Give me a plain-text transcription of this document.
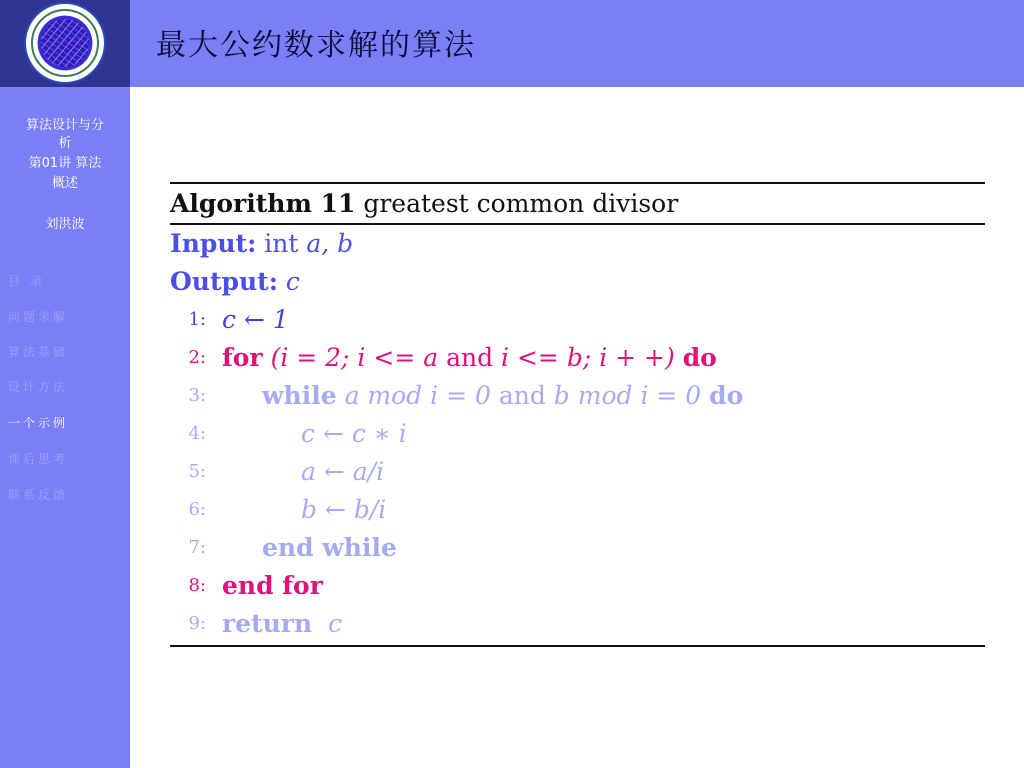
算法设计与分
析
第01讲 算法
概述
刘洪波
目 录
问题求解
算法基础
设计方法
一个示例
课后思考
联系反馈
最大公约数求解的算法
Algorithm 11 greatest common divisor
Input: int a, b
Output: c
1: c ← 1
2: for (i = 2; i <= a and i <= b; i + +) do
3: while a mod i = 0 and b mod i = 0 do
4:	c ← c ∗ i
5:	a ← a/i
6:	b ← b/i
7: end while
8: end for
9: return c
